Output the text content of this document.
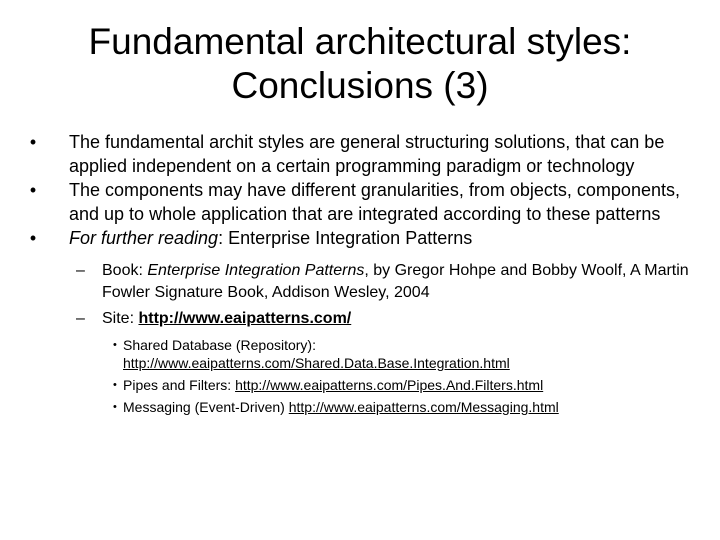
Fundamental architectural styles:
Conclusions (3)
• The fundamental archit styles are general structuring solutions, that can be applied independent on a certain programming paradigm or technology
• The components may have different granularities, from objects, components, and up to whole application that are integrated according to these patterns
• For further reading: Enterprise Integration Patterns
– Book: Enterprise Integration Patterns, by Gregor Hohpe and Bobby Woolf, A Martin Fowler Signature Book, Addison Wesley, 2004
– Site: http://www.eaipatterns.com/
• Shared Database (Repository): http://www.eaipatterns.com/Shared.Data.Base.Integration.html
• Pipes and Filters: http://www.eaipatterns.com/Pipes.And.Filters.html
• Messaging (Event-Driven) http://www.eaipatterns.com/Messaging.html
